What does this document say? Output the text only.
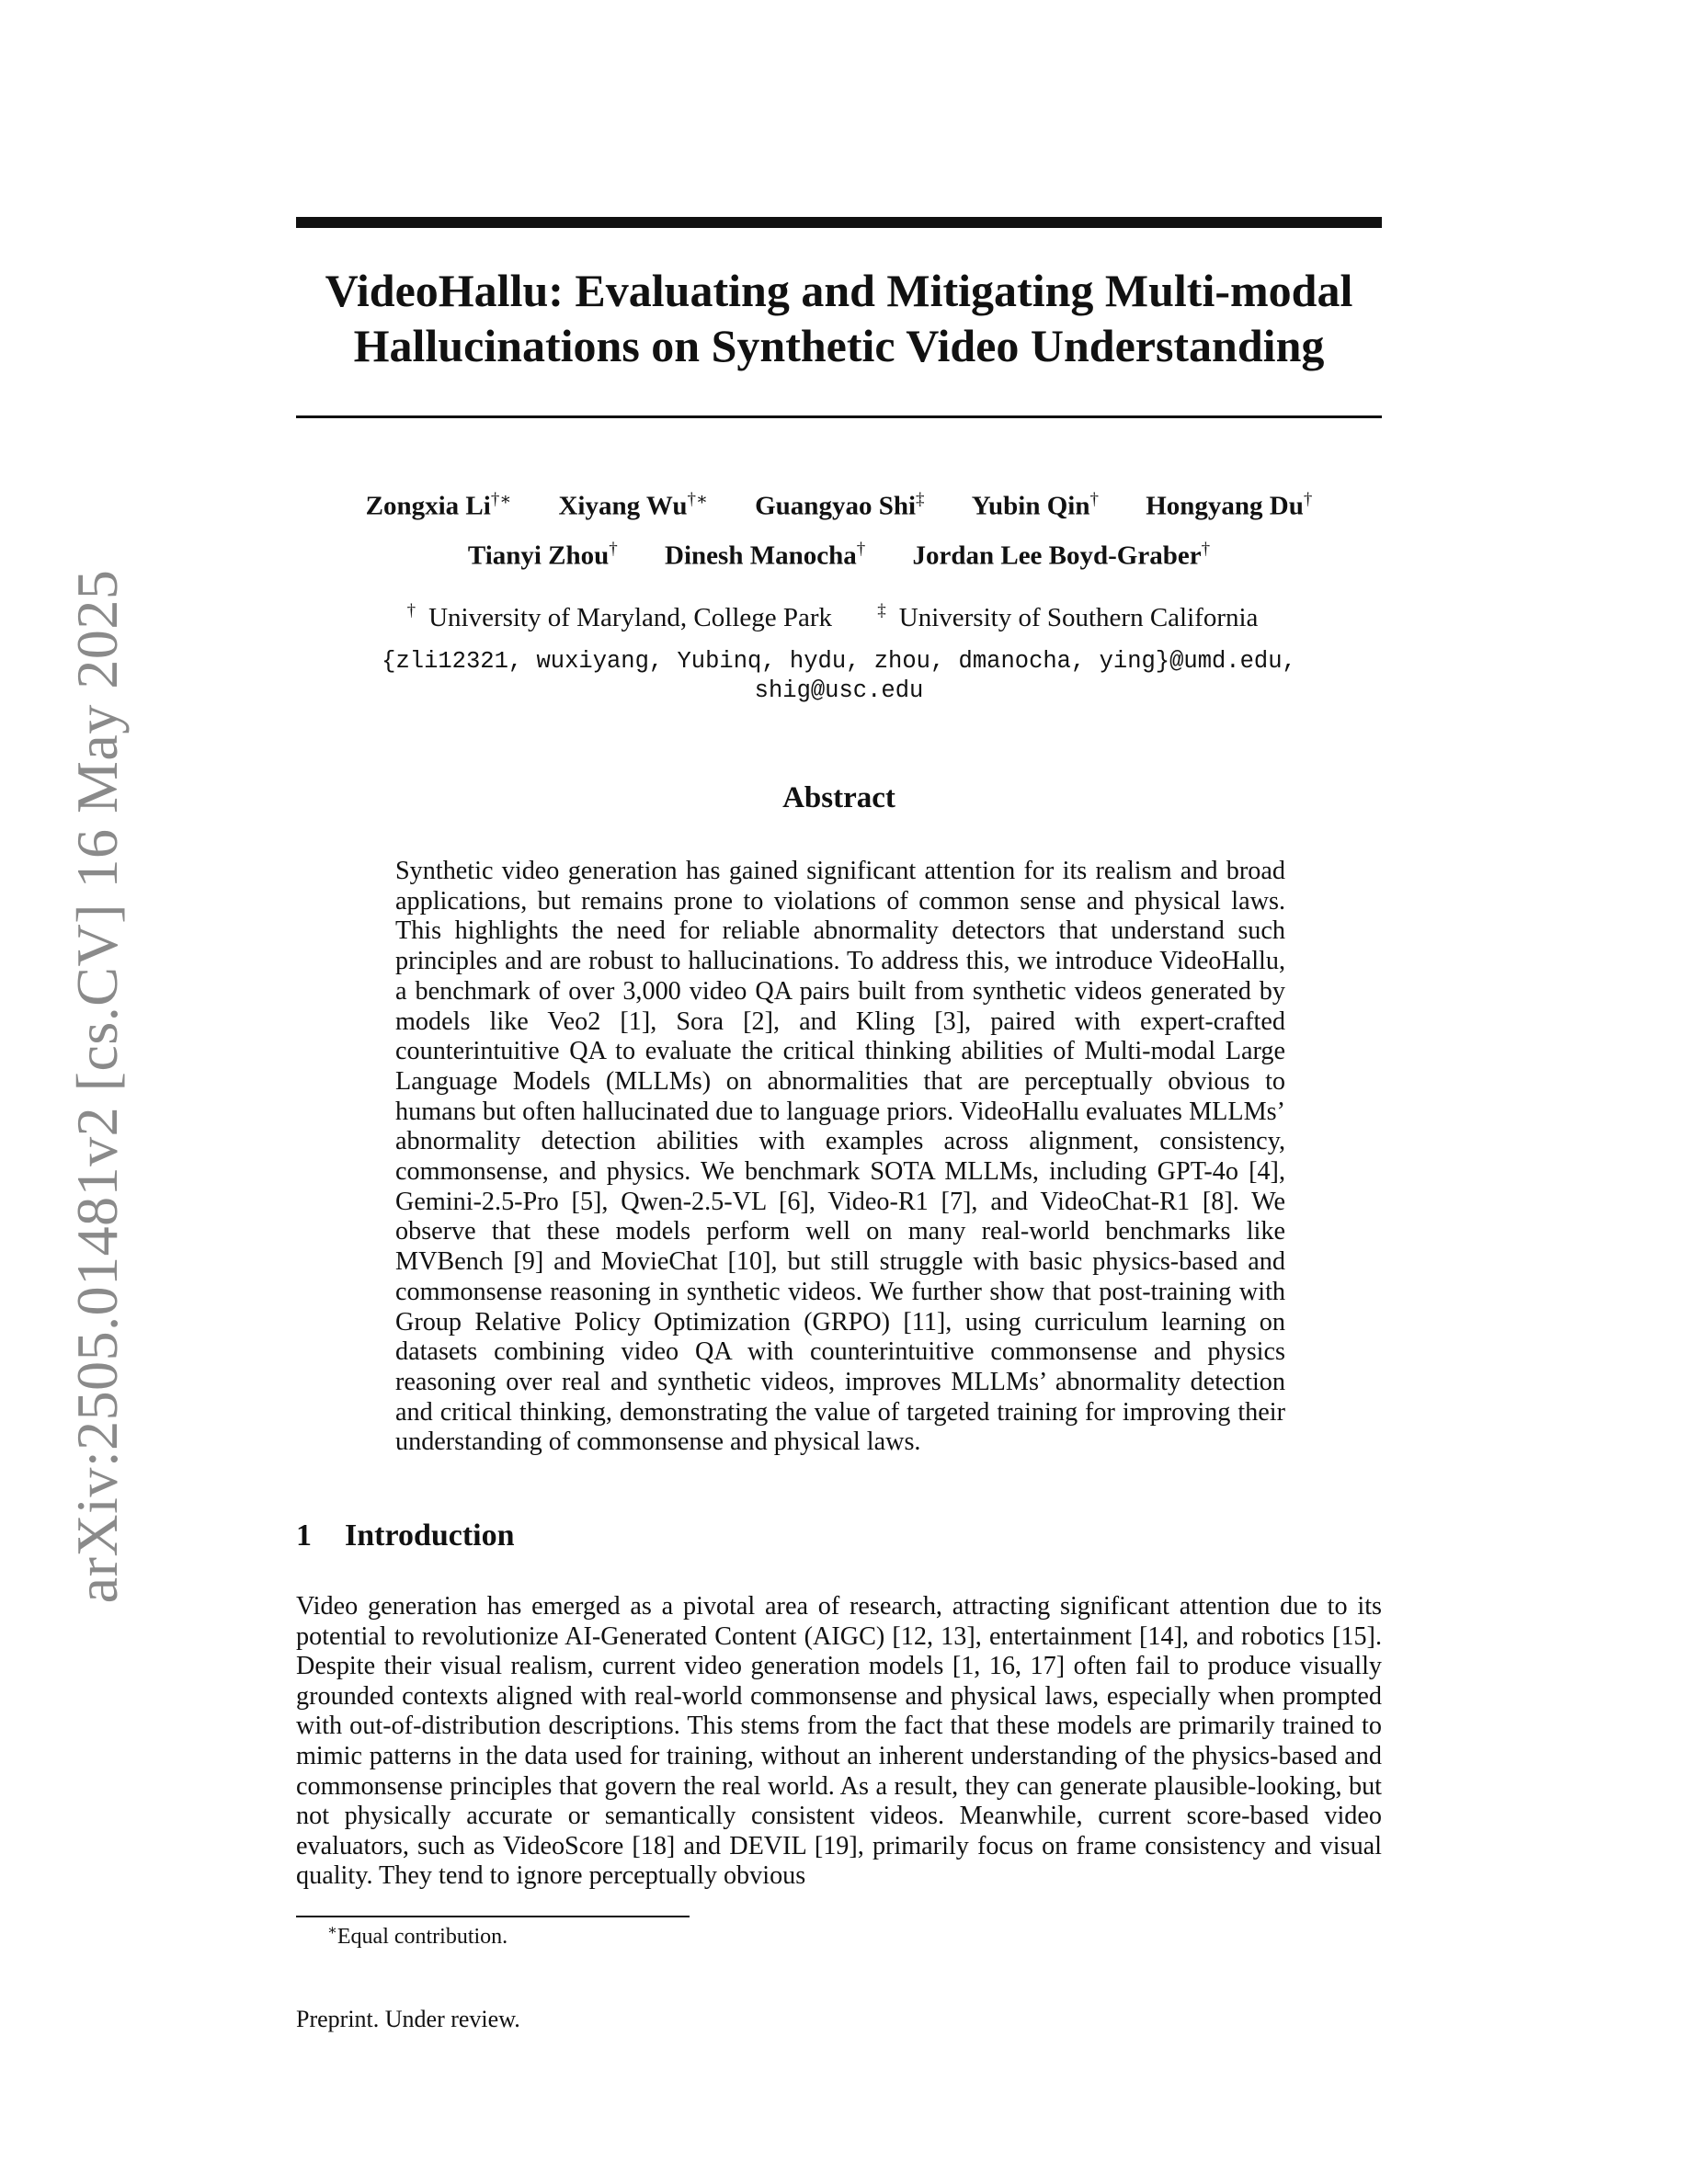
arXiv:2505.01481v2 [cs.CV] 16 May 2025
VideoHallu: Evaluating and Mitigating Multi-modal
Hallucinations on Synthetic Video Understanding
Zongxia Li†∗ Xiyang Wu†∗ Guangyao Shi‡ Yubin Qin† Hongyang Du†
Tianyi Zhou† Dinesh Manocha† Jordan Lee Boyd-Graber†
† University of Maryland, College Park	‡ University of Southern California
{zli12321, wuxiyang, Yubinq, hydu, zhou, dmanocha, ying}@umd.edu,
shig@usc.edu
Abstract
Synthetic video generation has gained significant attention for its realism and broad applications, but remains prone to violations of common sense and physical laws. This highlights the need for reliable abnormality detectors that understand such principles and are robust to hallucinations. To address this, we introduce VideoHallu, a benchmark of over 3,000 video QA pairs built from synthetic videos generated by models like Veo2 [1], Sora [2], and Kling [3], paired with expert-crafted counterintuitive QA to evaluate the critical thinking abilities of Multi-modal Large Language Models (MLLMs) on abnormalities that are perceptually obvious to humans but often hallucinated due to language priors. VideoHallu evaluates MLLMs’ abnormality detection abilities with examples across alignment, consistency, commonsense, and physics. We benchmark SOTA MLLMs, including GPT-4o [4], Gemini-2.5-Pro [5], Qwen-2.5-VL [6], Video-R1 [7], and VideoChat-R1 [8]. We observe that these models perform well on many real-world benchmarks like MVBench [9] and MovieChat [10], but still struggle with basic physics-based and commonsense reasoning in synthetic videos. We further show that post-training with Group Relative Policy Optimization (GRPO) [11], using curriculum learning on datasets combining video QA with counterintuitive commonsense and physics reasoning over real and synthetic videos, improves MLLMs’ abnormality detection and critical thinking, demonstrating the value of targeted training for improving their understanding of commonsense and physical laws.
1 Introduction
Video generation has emerged as a pivotal area of research, attracting significant attention due to its potential to revolutionize AI-Generated Content (AIGC) [12, 13], entertainment [14], and robotics [15]. Despite their visual realism, current video generation models [1, 16, 17] often fail to produce visually grounded contexts aligned with real-world commonsense and physical laws, especially when prompted with out-of-distribution descriptions. This stems from the fact that these models are primarily trained to mimic patterns in the data used for training, without an inherent understanding of the physics-based and commonsense principles that govern the real world. As a result, they can generate plausible-looking, but not physically accurate or semantically consistent videos. Meanwhile, current score-based video evaluators, such as VideoScore [18] and DEVIL [19], primarily focus on frame consistency and visual quality. They tend to ignore perceptually obvious
∗Equal contribution.
Preprint. Under review.
